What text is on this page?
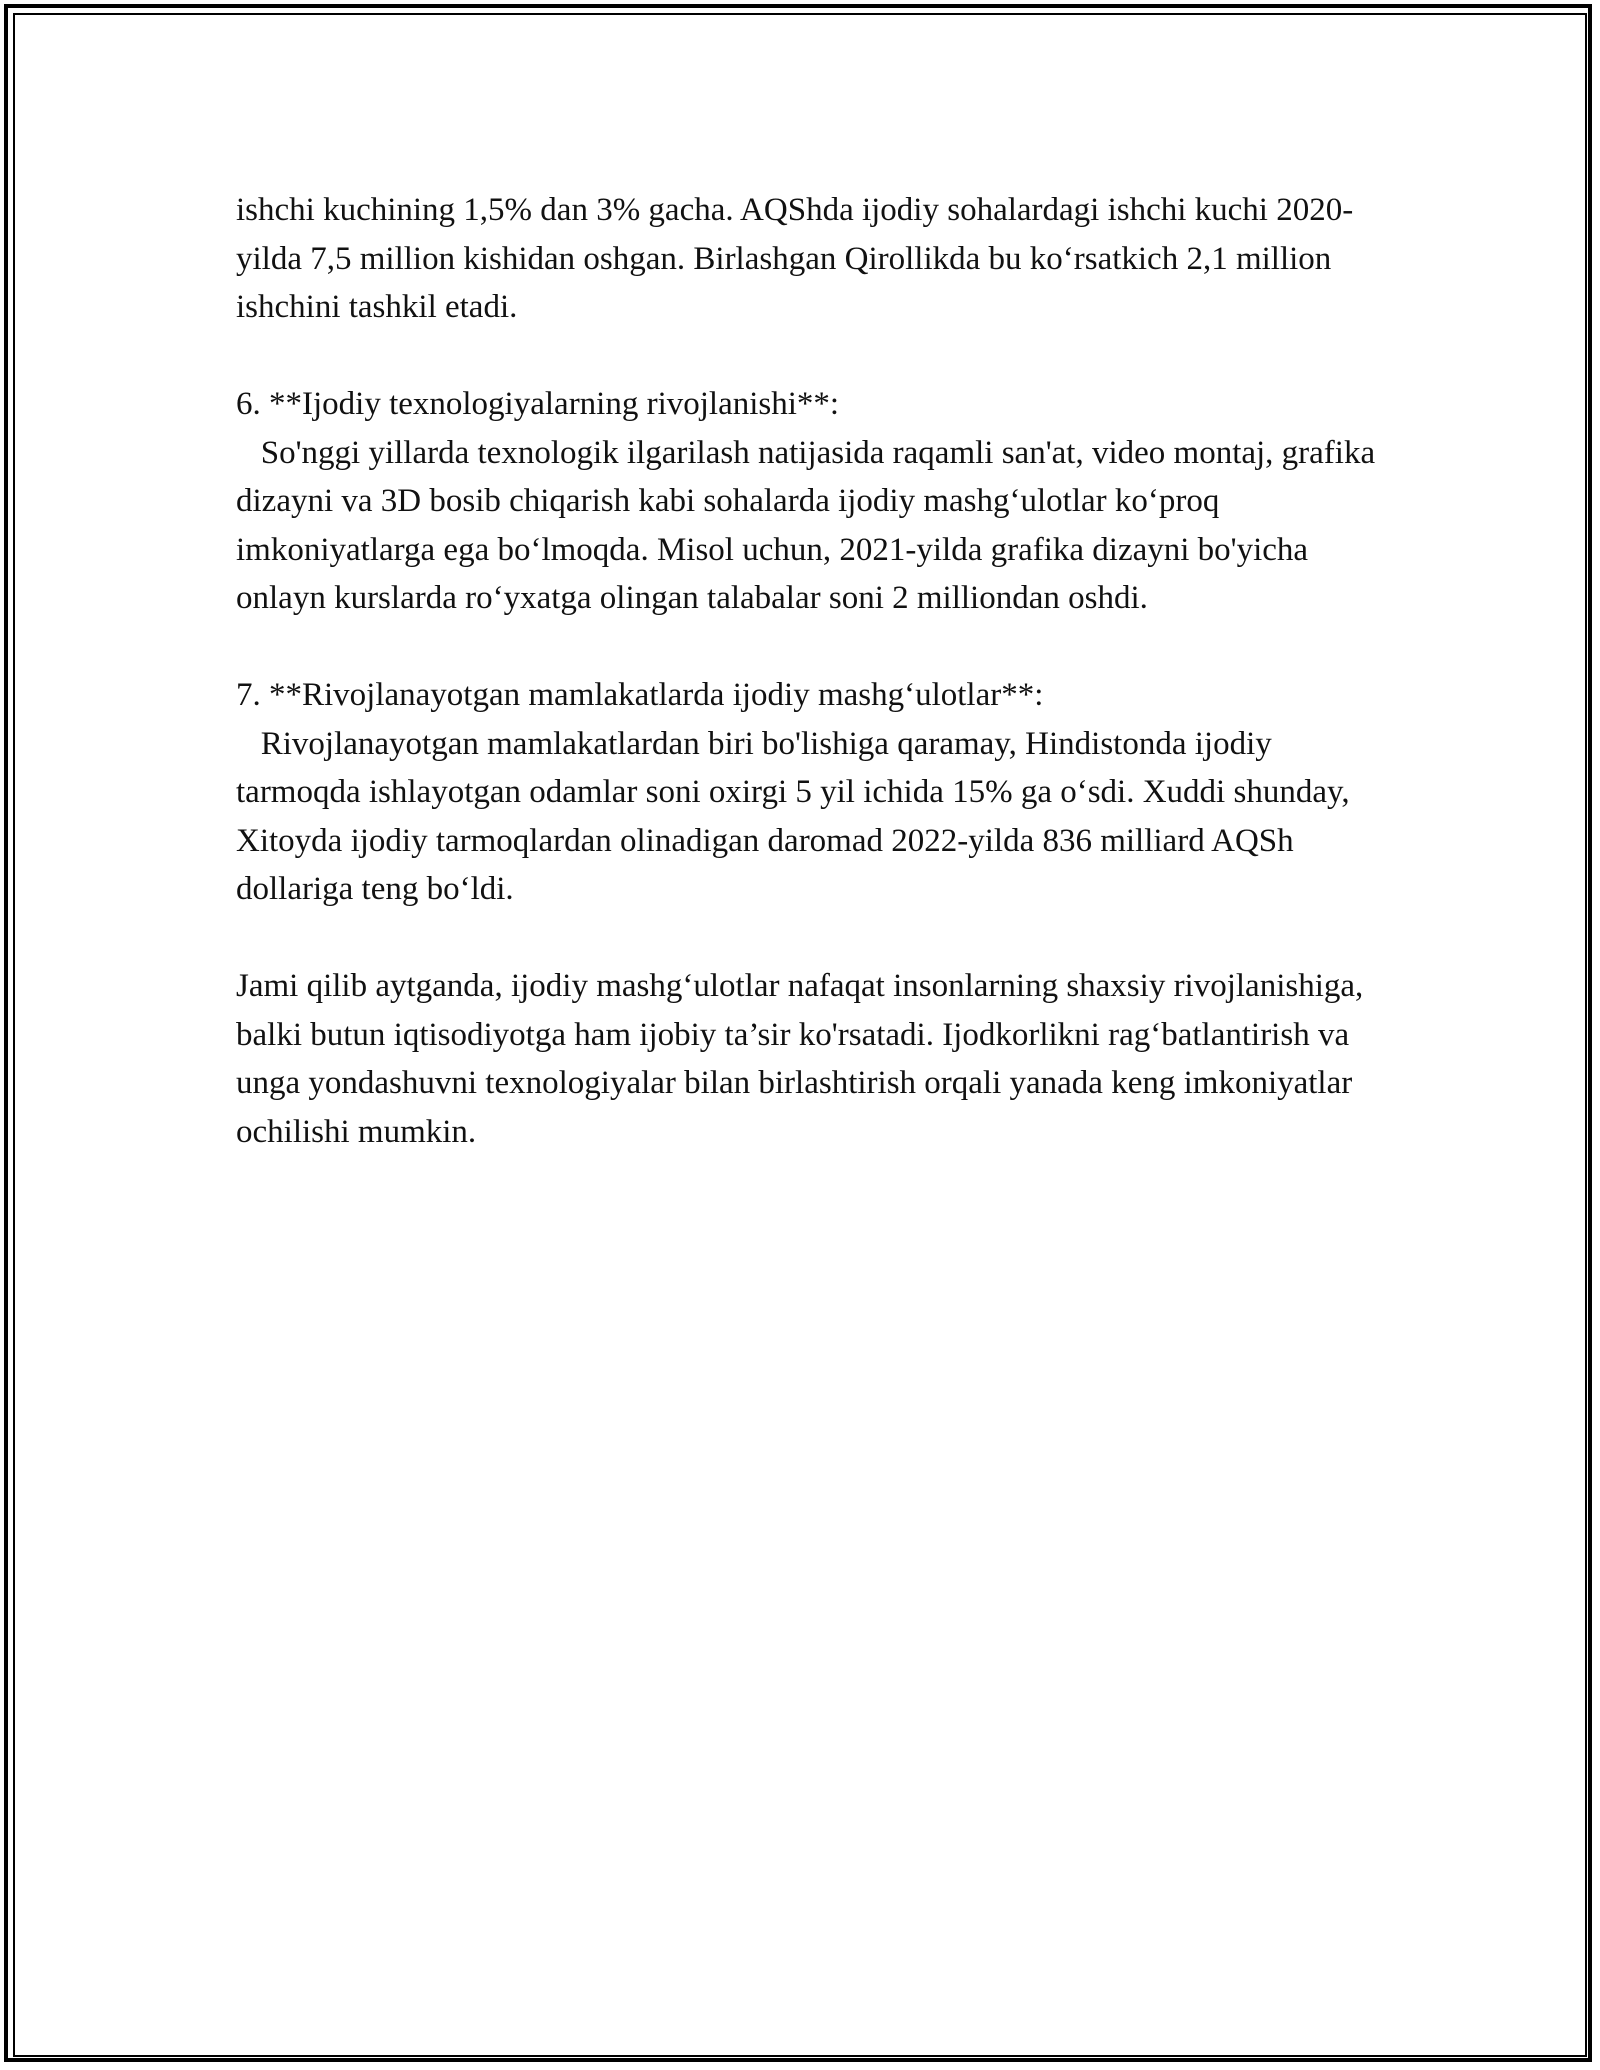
ishchi kuchining 1,5% dan 3% gacha. AQShda ijodiy sohalardagi ishchi kuchi 2020-yilda 7,5 million kishidan oshgan. Birlashgan Qirollikda bu ko‘rsatkich 2,1 million ishchini tashkil etadi.

6. **Ijodiy texnologiyalarning rivojlanishi**:
So'nggi yillarda texnologik ilgarilash natijasida raqamli san'at, video montaj, grafika dizayni va 3D bosib chiqarish kabi sohalarda ijodiy mashg‘ulotlar ko‘proq imkoniyatlarga ega bo‘lmoqda. Misol uchun, 2021-yilda grafika dizayni bo'yicha onlayn kurslarda ro‘yxatga olingan talabalar soni 2 milliondan oshdi.

7. **Rivojlanayotgan mamlakatlarda ijodiy mashg‘ulotlar**:
Rivojlanayotgan mamlakatlardan biri bo'lishiga qaramay, Hindistonda ijodiy tarmoqda ishlayotgan odamlar soni oxirgi 5 yil ichida 15% ga o‘sdi. Xuddi shunday, Xitoyda ijodiy tarmoqlardan olinadigan daromad 2022-yilda 836 milliard AQSh dollariga teng bo‘ldi.

Jami qilib aytganda, ijodiy mashg‘ulotlar nafaqat insonlarning shaxsiy rivojlanishiga, balki butun iqtisodiyotga ham ijobiy ta’sir ko'rsatadi. Ijodkorlikni rag‘batlantirish va unga yondashuvni texnologiyalar bilan birlashtirish orqali yanada keng imkoniyatlar ochilishi mumkin.
